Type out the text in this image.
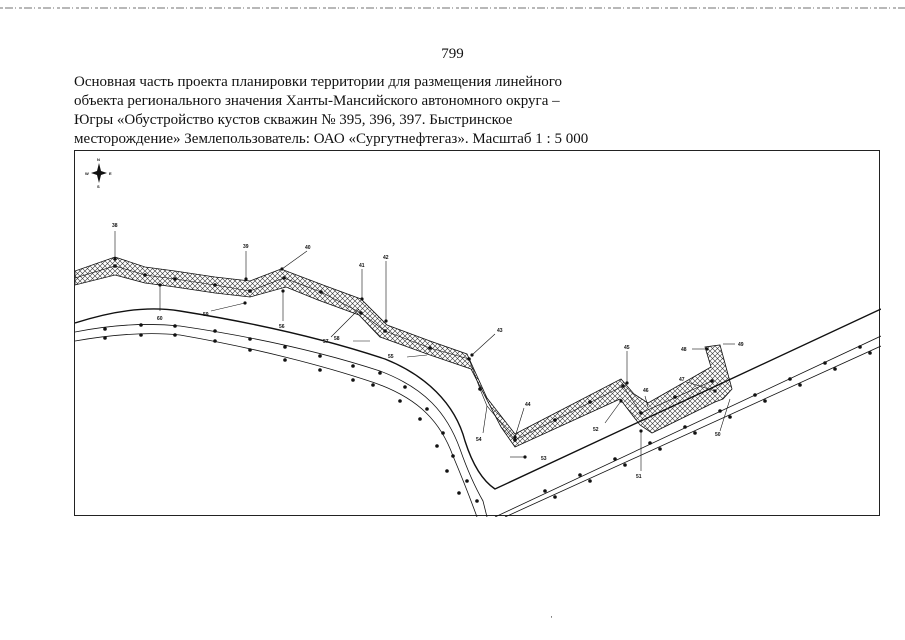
799
Основная часть проекта планировки территории для размещения линейного
объекта регионального значения Ханты-Мансийского автономного округа –
Югры «Обустройство кустов скважин № 395, 396, 397. Быстринское
месторождение» Землепользователь: ОАО «Сургутнефтегаз». Масштаб 1 : 5 000
38
39	40
41
42
43
44
45
46
47
48
49
50
51
52
53
54
55
56
57 58
59
60
N
S
W	E
·
